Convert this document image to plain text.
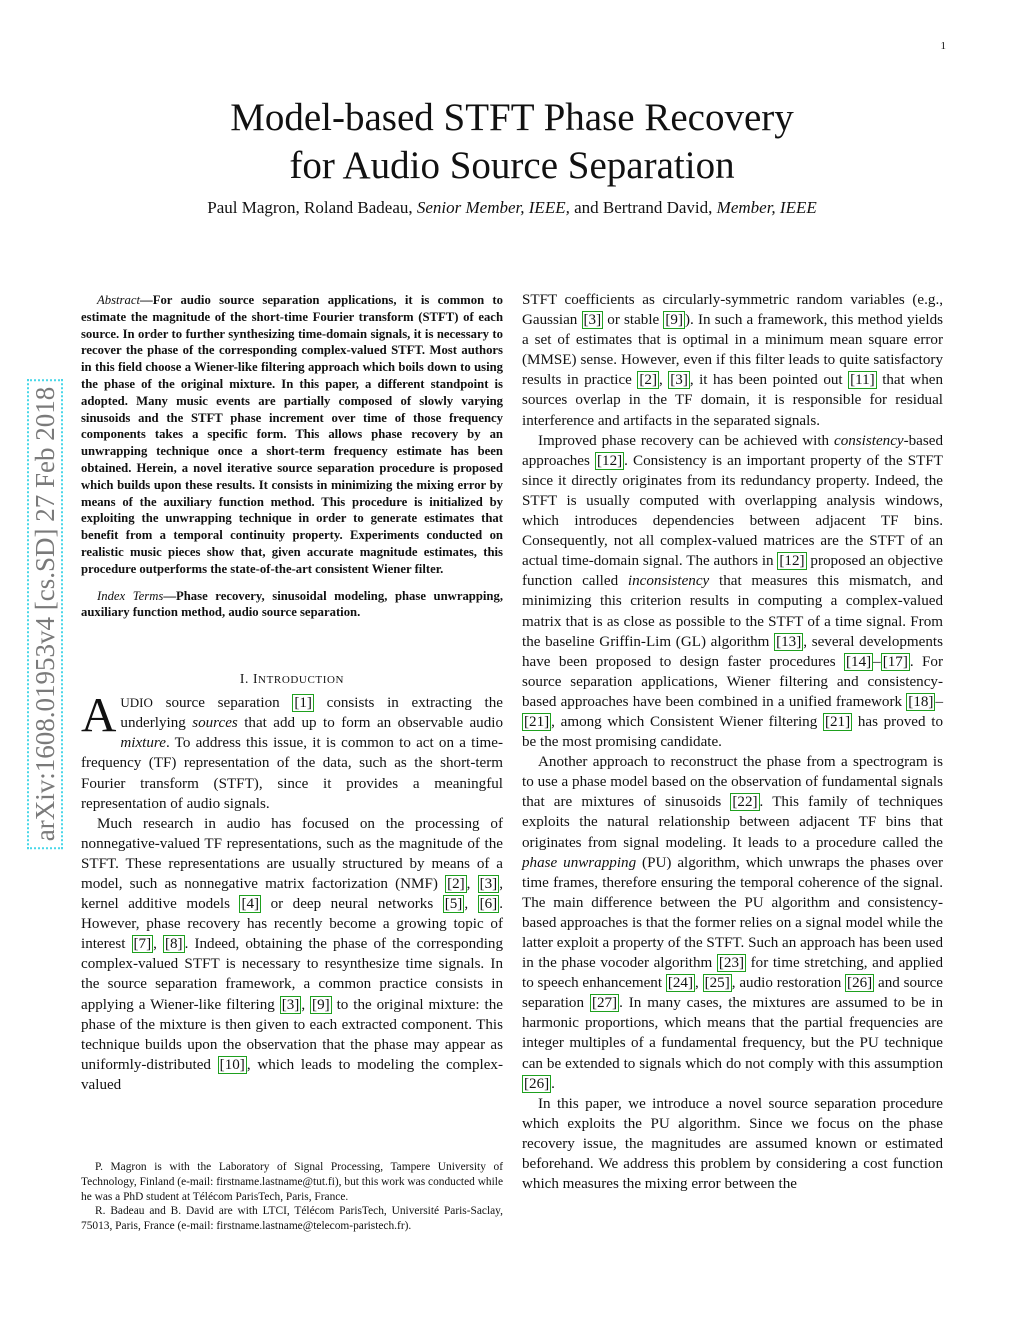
1
arXiv:1608.01953v4 [cs.SD] 27 Feb 2018
Model-based STFT Phase Recovery
for Audio Source Separation
Paul Magron, Roland Badeau, Senior Member, IEEE, and Bertrand David, Member, IEEE

Abstract—For audio source separation applications, it is common to estimate the magnitude of the short-time Fourier transform (STFT) of each source. In order to further synthesizing time-domain signals, it is necessary to recover the phase of the corresponding complex-valued STFT. Most authors in this field choose a Wiener-like filtering approach which boils down to using the phase of the original mixture. In this paper, a different standpoint is adopted. Many music events are partially composed of slowly varying sinusoids and the STFT phase increment over time of those frequency components takes a specific form. This allows phase recovery by an unwrapping technique once a short-term frequency estimate has been obtained. Herein, a novel iterative source separation procedure is proposed which builds upon these results. It consists in minimizing the mixing error by means of the auxiliary function method. This procedure is initialized by exploiting the unwrapping technique in order to generate estimates that benefit from a temporal continuity property. Experiments conducted on realistic music pieces show that, given accurate magnitude estimates, this procedure outperforms the state-of-the-art consistent Wiener filter.

Index Terms—Phase recovery, sinusoidal modeling, phase unwrapping, auxiliary function method, audio source separation.

I. INTRODUCTION

AUDIO source separation [1] consists in extracting the underlying sources that add up to form an observable audio mixture. To address this issue, it is common to act on a time-frequency (TF) representation of the data, such as the short-term Fourier transform (STFT), since it provides a meaningful representation of audio signals.

Much research in audio has focused on the processing of nonnegative-valued TF representations, such as the magnitude of the STFT. These representations are usually structured by means of a model, such as nonnegative matrix factorization (NMF) [2] , [3] , kernel additive models [4] or deep neural networks [5] , [6] . However, phase recovery has recently become a growing topic of interest [7] , [8] . Indeed, obtaining the phase of the corresponding complex-valued STFT is necessary to resynthesize time signals. In the source separation framework, a common practice consists in applying a Wiener-like filtering [3] , [9] to the original mixture: the phase of the mixture is then given to each extracted component. This technique builds upon the observation that the phase may appear as uniformly-distributed [10] , which leads to modeling the complex-valued

P. Magron is with the Laboratory of Signal Processing, Tampere University of Technology, Finland (e-mail: firstname.lastname@tut.fi), but this work was conducted while he was a PhD student at Télécom ParisTech, Paris, France.

R. Badeau and B. David are with LTCI, Télécom ParisTech, Université Paris-Saclay, 75013, Paris, France (e-mail: firstname.lastname@telecom-paristech.fr).

STFT coefficients as circularly-symmetric random variables (e.g., Gaussian [3] or stable [9] ). In such a framework, this method yields a set of estimates that is optimal in a minimum mean square error (MMSE) sense. However, even if this filter leads to quite satisfactory results in practice [2] , [3] , it has been pointed out [11] that when sources overlap in the TF domain, it is responsible for residual interference and artifacts in the separated signals.

Improved phase recovery can be achieved with consistency-based approaches [12] . Consistency is an important property of the STFT since it directly originates from its redundancy property. Indeed, the STFT is usually computed with overlapping analysis windows, which introduces dependencies between adjacent TF bins. Consequently, not all complex-valued matrices are the STFT of an actual time-domain signal. The authors in [12] proposed an objective function called inconsistency that measures this mismatch, and minimizing this criterion results in computing a complex-valued matrix that is as close as possible to the STFT of a time signal. From the baseline Griffin-Lim (GL) algorithm [13] , several developments have been proposed to design faster procedures [14] – [17] . For source separation applications, Wiener filtering and consistency-based approaches have been combined in a unified framework [18] –[21] , among which Consistent Wiener filtering [21] has proved to be the most promising candidate.

Another approach to reconstruct the phase from a spectrogram is to use a phase model based on the observation of fundamental signals that are mixtures of sinusoids [22] . This family of techniques exploits the natural relationship between adjacent TF bins that originates from signal modeling. It leads to a procedure called the phase unwrapping (PU) algorithm, which unwraps the phases over time frames, therefore ensuring the temporal coherence of the signal. The main difference between the PU algorithm and consistency-based approaches is that the former relies on a signal model while the latter exploit a property of the STFT. Such an approach has been used in the phase vocoder algorithm [23] for time stretching, and applied to speech enhancement [24] , [25] , audio restoration [26] and source separation [27] . In many cases, the mixtures are assumed to be in harmonic proportions, which means that the partial frequencies are integer multiples of a fundamental frequency, but the PU technique can be extended to signals which do not comply with this assumption [26] .

In this paper, we introduce a novel source separation procedure which exploits the PU algorithm. Since we focus on the phase recovery issue, the magnitudes are assumed known or estimated beforehand. We address this problem by considering a cost function which measures the mixing error between the
